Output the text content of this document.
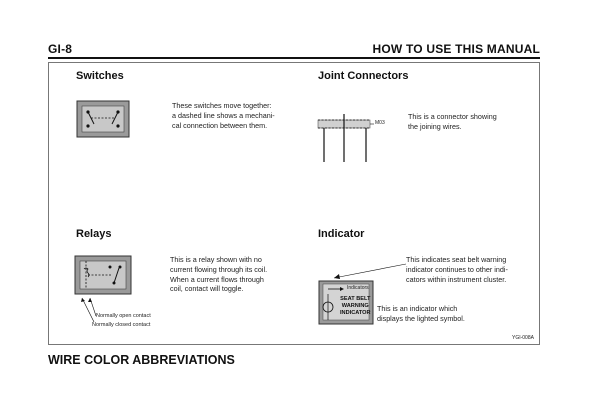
GI-8	HOW TO USE THIS MANUAL
Switches
These switches move together:
a dashed line shows a mechani-
cal connection between them.
Joint Connectors
M03
This is a connector showing
the joining wires.
Relays
Normally open contact
Normally closed contact
This is a relay shown with no
current flowing through its coil.
When a current flows through
coil, contact will toggle.
Indicator
This indicates seat belt warning
indicator continues to other indi-
cators within instrument cluster.
Indicators
SEAT BELT
WARNING
INDICATOR This is an indicator which
displays the lighted symbol.
YGI-008A
WIRE COLOR ABBREVIATIONS
